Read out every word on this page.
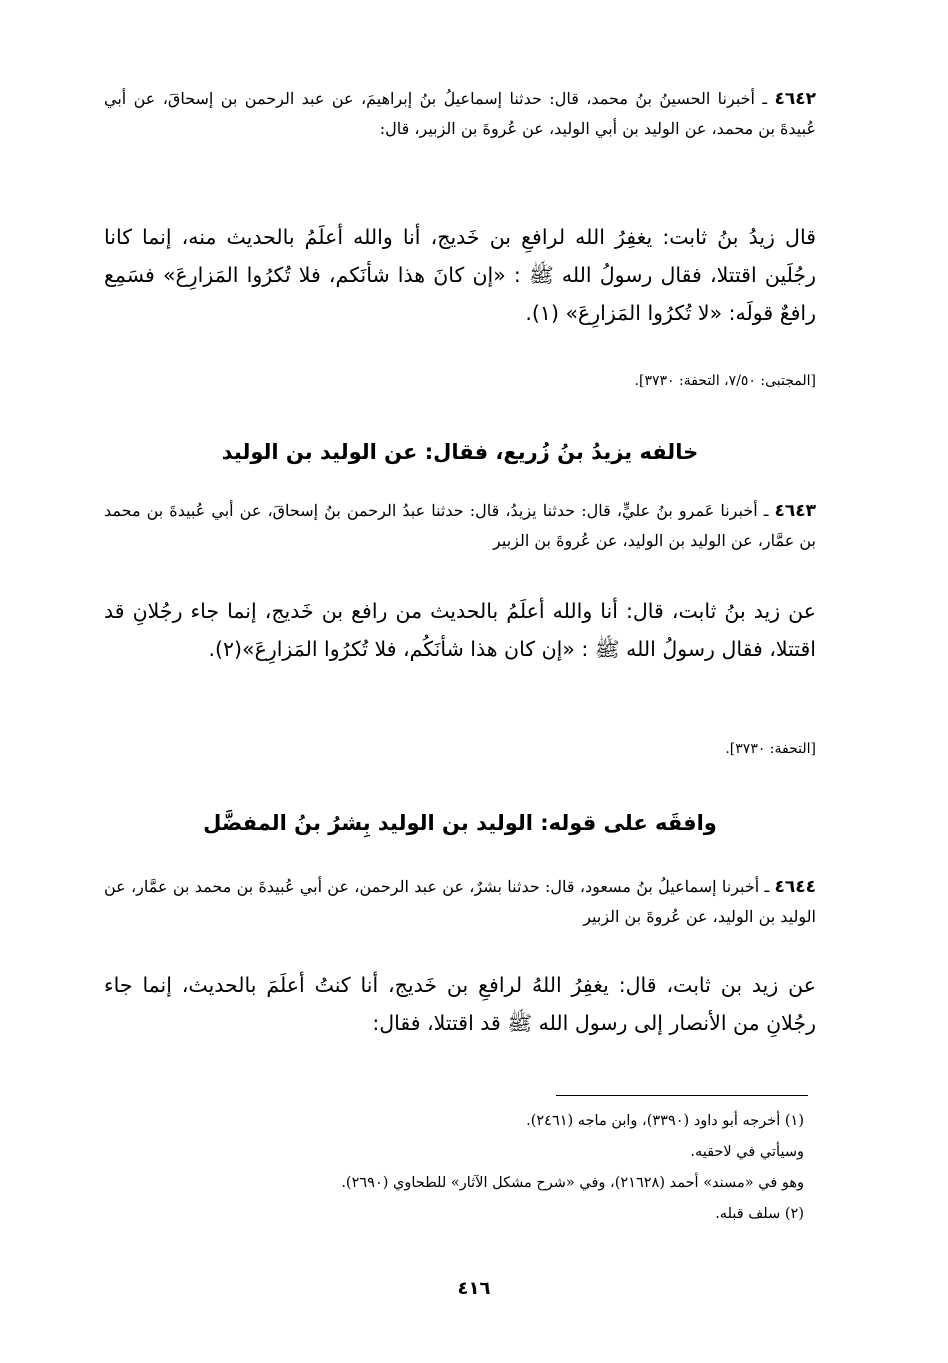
٤٦٤٢ ـ أخبرنا الحسينُ بنُ محمد، قال: حدثنا إسماعيلُ بنُ إبراهيمَ، عن عبد الرحمن بن إسحاقَ، عن أبي عُبيدةَ بن محمد، عن الوليد بن أبي الوليد، عن عُروةَ بن الزبير، قال:

قال زيدُ بنُ ثابت: يغفِرُ الله لرافعِ بن خَديج، أنا والله أعلَمُ بالحديث منه، إنما كانا رجُلَين اقتتلا، فقال رسولُ الله ﷺ : «إن كانَ هذا شأنَكم، فلا تُكرُوا المَزارِعَ» فسَمِع رافعٌ قولَه: «لا تُكرُوا المَزارِعَ» (١).
[المجتبى: ٧/٥٠، التحفة: ٣٧٣٠].
خالفه يزيدُ بنُ زُريع، فقال: عن الوليد بن الوليد

٤٦٤٣ ـ أخبرنا عَمرو بنُ عليٍّ، قال: حدثنا يزيدُ، قال: حدثنا عبدُ الرحمن بنُ إسحاقَ، عن أبي عُبيدةَ بن محمد بن عمَّار، عن الوليد بن الوليد، عن عُروةَ بن الزبير

عن زيد بنُ ثابت، قال: أنا والله أعلَمُ بالحديث من رافع بن خَديج، إنما جاء رجُلانِ قد اقتتلا، فقال رسولُ الله ﷺ : «إن كان هذا شأنَكُم، فلا تُكرُوا المَزارِعَ»(٢).
[التحفة: ٣٧٣٠].
وافقَه على قوله: الوليد بن الوليد بِشرُ بنُ المفضَّل

٤٦٤٤ ـ أخبرنا إسماعيلُ بنُ مسعود، قال: حدثنا بشرٌ، عن عبد الرحمن، عن أبي عُبيدةَ بن محمد بن عمَّار، عن الوليد بن الوليد، عن عُروةَ بن الزبير

عن زيد بن ثابت، قال: يغفِرُ اللهُ لرافعِ بن خَديج، أنا كنتُ أعلَمَ بالحديث، إنما جاء رجُلانِ من الأنصار إلى رسول الله ﷺ قد اقتتلا، فقال:

(١) أخرجه أبو داود (٣٣٩٠)، وابن ماجه (٢٤٦١).

وسيأتي في لاحقيه.

وهو في «مسند» أحمد (٢١٦٢٨)، وفي «شرح مشكل الآثار» للطحاوي (٢٦٩٠).

(٢) سلف قبله.

٤١٦
